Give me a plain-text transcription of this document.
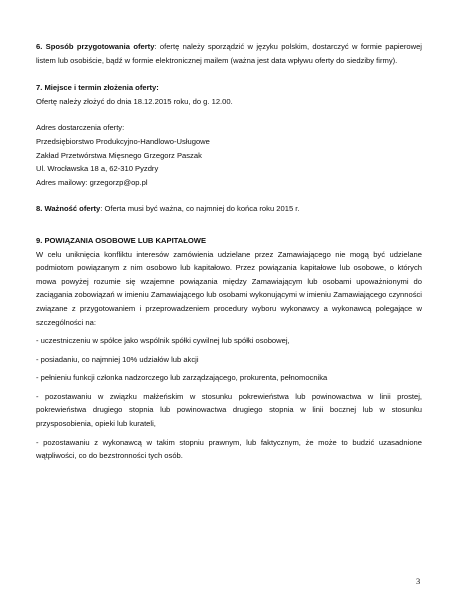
6. Sposób przygotowania oferty: ofertę należy sporządzić w języku polskim, dostarczyć w formie papierowej listem lub osobiście, bądź w formie elektronicznej mailem (ważna jest data wpływu oferty do siedziby firmy).

7. Miejsce i termin złożenia oferty:
Ofertę należy złożyć do dnia 18.12.2015 roku, do g. 12.00.

Adres dostarczenia oferty:
Przedsiębiorstwo Produkcyjno-Handlowo-Usługowe
Zakład Przetwórstwa Mięsnego Grzegorz Paszak
Ul. Wrocławska 18 a, 62-310 Pyzdry
Adres mailowy: grzegorzp@op.pl

8. Ważność oferty: Oferta musi być ważna, co najmniej do końca roku 2015 r.

9. POWIĄZANIA OSOBOWE LUB KAPITAŁOWE
W celu uniknięcia konfliktu interesów zamówienia udzielane przez Zamawiającego nie mogą być udzielane podmiotom powiązanym z nim osobowo lub kapitałowo. Przez powiązania kapitałowe lub osobowe, o których mowa powyżej rozumie się wzajemne powiązania między Zamawiającym lub osobami upoważnionymi do zaciągania zobowiązań w imieniu Zamawiającego lub osobami wykonującymi w imieniu Zamawiającego czynności związane z przygotowaniem i przeprowadzeniem procedury wyboru wykonawcy a wykonawcą polegające w szczególności na:
- uczestniczeniu w spółce jako wspólnik spółki cywilnej lub spółki osobowej,
- posiadaniu, co najmniej 10% udziałów lub akcji
- pełnieniu funkcji członka nadzorczego lub zarządzającego, prokurenta, pełnomocnika
- pozostawaniu w związku małżeńskim w stosunku pokrewieństwa lub powinowactwa w linii prostej, pokrewieństwa drugiego stopnia lub powinowactwa drugiego stopnia w linii bocznej lub w stosunku przysposobienia, opieki lub kurateli,
- pozostawaniu z wykonawcą w takim stopniu prawnym, lub faktycznym, że może to budzić uzasadnione wątpliwości, co do bezstronności tych osób.
3
